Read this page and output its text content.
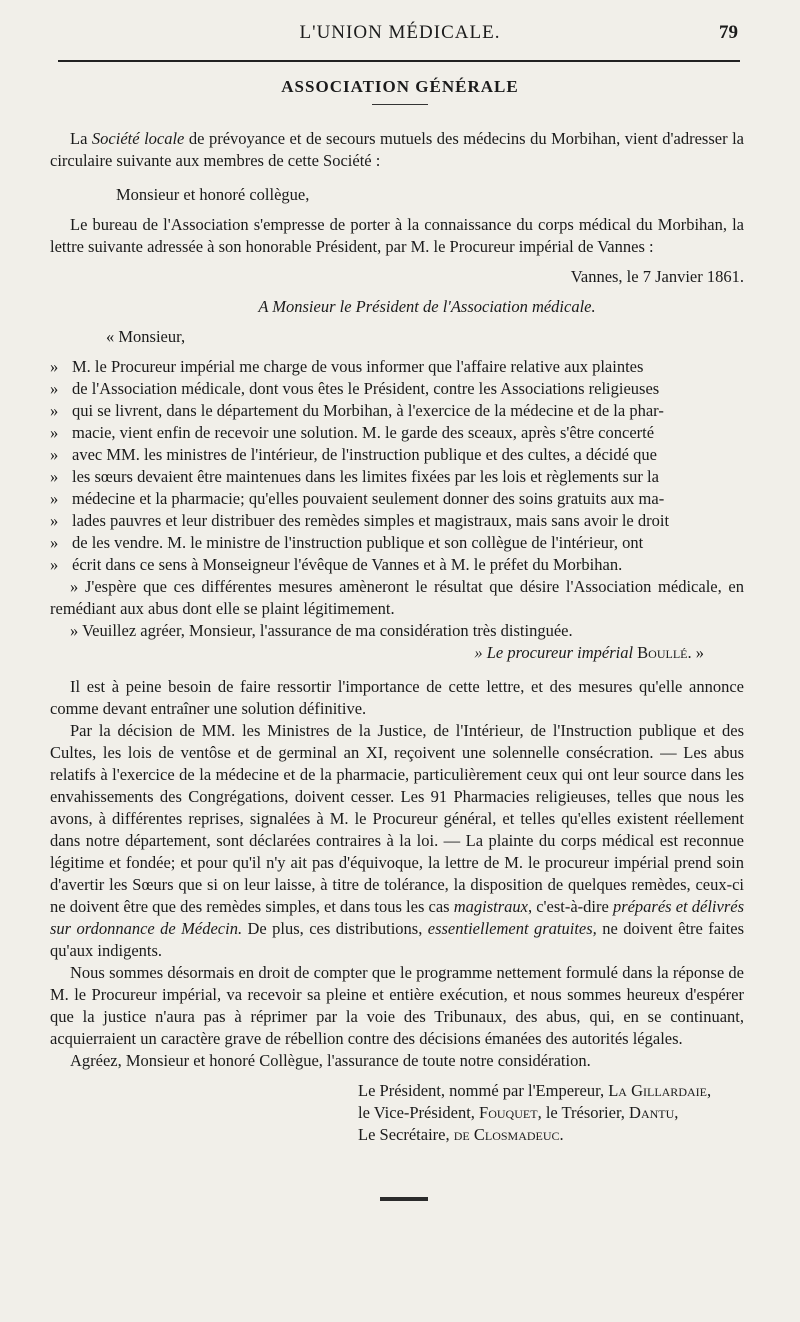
L'UNION MÉDICALE.	79
ASSOCIATION GÉNÉRALE

La Société locale de prévoyance et de secours mutuels des médecins du Morbihan, vient d'adresser la circulaire suivante aux membres de cette Société :

Monsieur et honoré collègue,

Le bureau de l'Association s'empresse de porter à la connaissance du corps médical du Morbihan, la lettre suivante adressée à son honorable Président, par M. le Procureur impérial de Vannes :

Vannes, le 7 Janvier 1861.

A Monsieur le Président de l'Association médicale.

« Monsieur,

» M. le Procureur impérial me charge de vous informer que l'affaire relative aux plaintes

» de l'Association médicale, dont vous êtes le Président, contre les Associations religieuses

» qui se livrent, dans le département du Morbihan, à l'exercice de la médecine et de la phar-

» macie, vient enfin de recevoir une solution. M. le garde des sceaux, après s'être concerté

» avec MM. les ministres de l'intérieur, de l'instruction publique et des cultes, a décidé que

» les sœurs devaient être maintenues dans les limites fixées par les lois et règlements sur la

» médecine et la pharmacie; qu'elles pouvaient seulement donner des soins gratuits aux ma-

» lades pauvres et leur distribuer des remèdes simples et magistraux, mais sans avoir le droit

» de les vendre. M. le ministre de l'instruction publique et son collègue de l'intérieur, ont

» écrit dans ce sens à Monseigneur l'évêque de Vannes et à M. le préfet du Morbihan.

» J'espère que ces différentes mesures amèneront le résultat que désire l'Association médicale, en remédiant aux abus dont elle se plaint légitimement.

» Veuillez agréer, Monsieur, l'assurance de ma considération très distinguée.

» Le procureur impérial Boullé. »

Il est à peine besoin de faire ressortir l'importance de cette lettre, et des mesures qu'elle annonce comme devant entraîner une solution définitive.

Par la décision de MM. les Ministres de la Justice, de l'Intérieur, de l'Instruction publique et des Cultes, les lois de ventôse et de germinal an XI, reçoivent une solennelle consécration. — Les abus relatifs à l'exercice de la médecine et de la pharmacie, particulièrement ceux qui ont leur source dans les envahissements des Congrégations, doivent cesser. Les 91 Pharmacies religieuses, telles que nous les avons, à différentes reprises, signalées à M. le Procureur général, et telles qu'elles existent réellement dans notre département, sont déclarées contraires à la loi. — La plainte du corps médical est reconnue légitime et fondée; et pour qu'il n'y ait pas d'équivoque, la lettre de M. le procureur impérial prend soin d'avertir les Sœurs que si on leur laisse, à titre de tolérance, la disposition de quelques remèdes, ceux-ci ne doivent être que des remèdes simples, et dans tous les cas magistraux, c'est-à-dire préparés et délivrés sur ordonnance de Médecin. De plus, ces distributions, essentiellement gratuites, ne doivent être faites qu'aux indigents.

Nous sommes désormais en droit de compter que le programme nettement formulé dans la réponse de M. le Procureur impérial, va recevoir sa pleine et entière exécution, et nous sommes heureux d'espérer que la justice n'aura pas à réprimer par la voie des Tribunaux, des abus, qui, en se continuant, acquierraient un caractère grave de rébellion contre des décisions émanées des autorités légales.

Agréez, Monsieur et honoré Collègue, l'assurance de toute notre considération.

Le Président, nommé par l'Empereur, La Gillardaie,
le Vice-Président, Fouquet, le Trésorier, Dantu,
Le Secrétaire, de Closmadeuc.
